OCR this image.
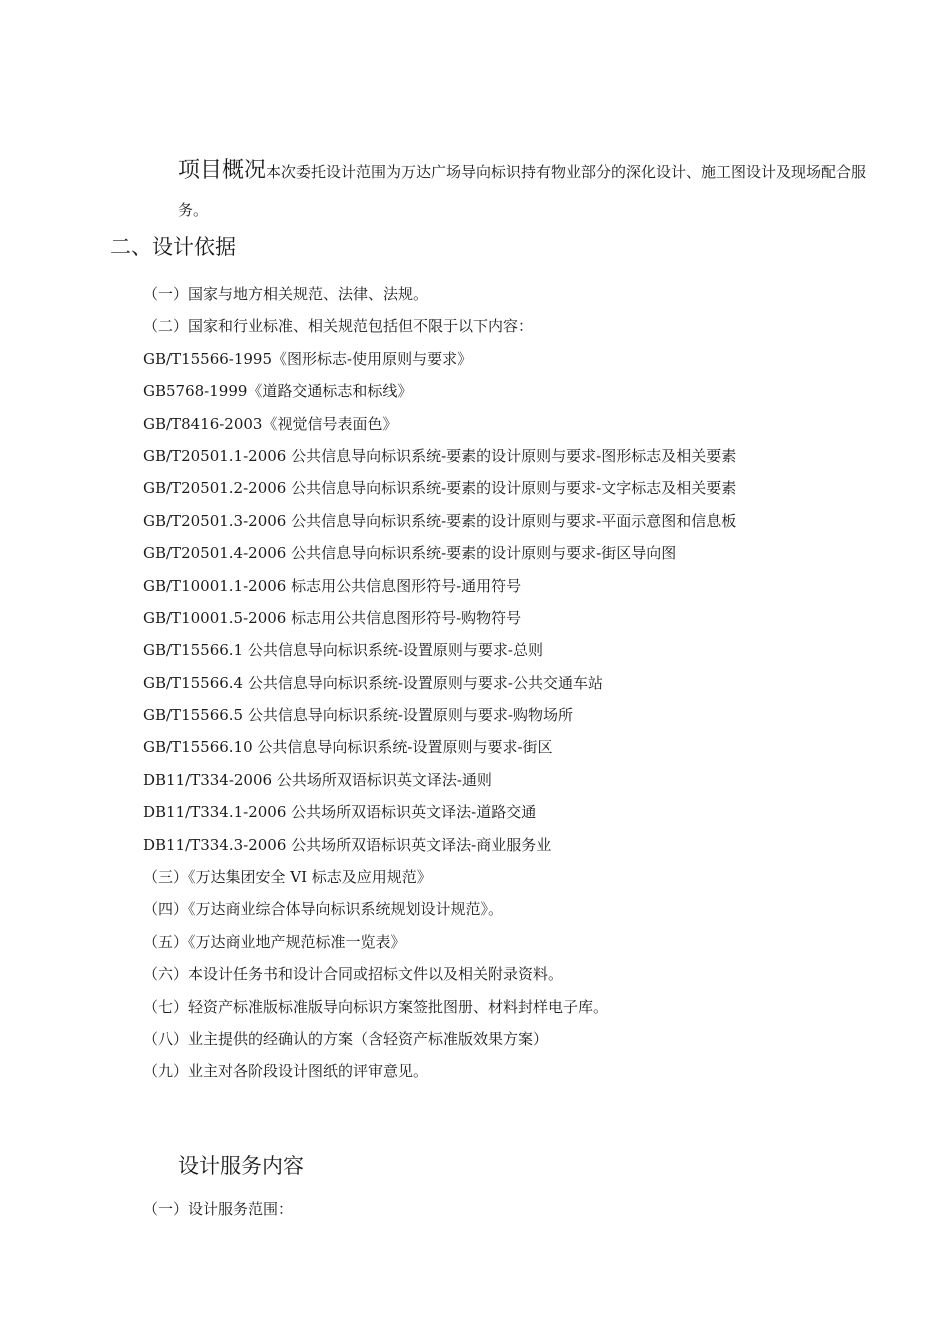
项目概况本次委托设计范围为万达广场导向标识持有物业部分的深化设计、施工图设计及现场配合服务。
二、设计依据
（一）国家与地方相关规范、法律、法规。
（二）国家和行业标准、相关规范包括但不限于以下内容：
GB/T15566-1995《图形标志-使用原则与要求》
GB5768-1999《道路交通标志和标线》
GB/T8416-2003《视觉信号表面色》
GB/T20501.1-2006 公共信息导向标识系统-要素的设计原则与要求-图形标志及相关要素
GB/T20501.2-2006 公共信息导向标识系统-要素的设计原则与要求-文字标志及相关要素
GB/T20501.3-2006 公共信息导向标识系统-要素的设计原则与要求-平面示意图和信息板
GB/T20501.4-2006 公共信息导向标识系统-要素的设计原则与要求-街区导向图
GB/T10001.1-2006 标志用公共信息图形符号-通用符号
GB/T10001.5-2006 标志用公共信息图形符号-购物符号
GB/T15566.1 公共信息导向标识系统-设置原则与要求-总则
GB/T15566.4 公共信息导向标识系统-设置原则与要求-公共交通车站
GB/T15566.5 公共信息导向标识系统-设置原则与要求-购物场所
GB/T15566.10 公共信息导向标识系统-设置原则与要求-街区
DB11/T334-2006 公共场所双语标识英文译法-通则
DB11/T334.1-2006 公共场所双语标识英文译法-道路交通
DB11/T334.3-2006 公共场所双语标识英文译法-商业服务业
（三）《万达集团安全 VI 标志及应用规范》
（四）《万达商业综合体导向标识系统规划设计规范》。
（五）《万达商业地产规范标准一览表》
（六）本设计任务书和设计合同或招标文件以及相关附录资料。
（七）轻资产标准版标准版导向标识方案签批图册、材料封样电子库。
（八）业主提供的经确认的方案（含轻资产标准版效果方案）
（九）业主对各阶段设计图纸的评审意见。
设计服务内容
（一）设计服务范围：
